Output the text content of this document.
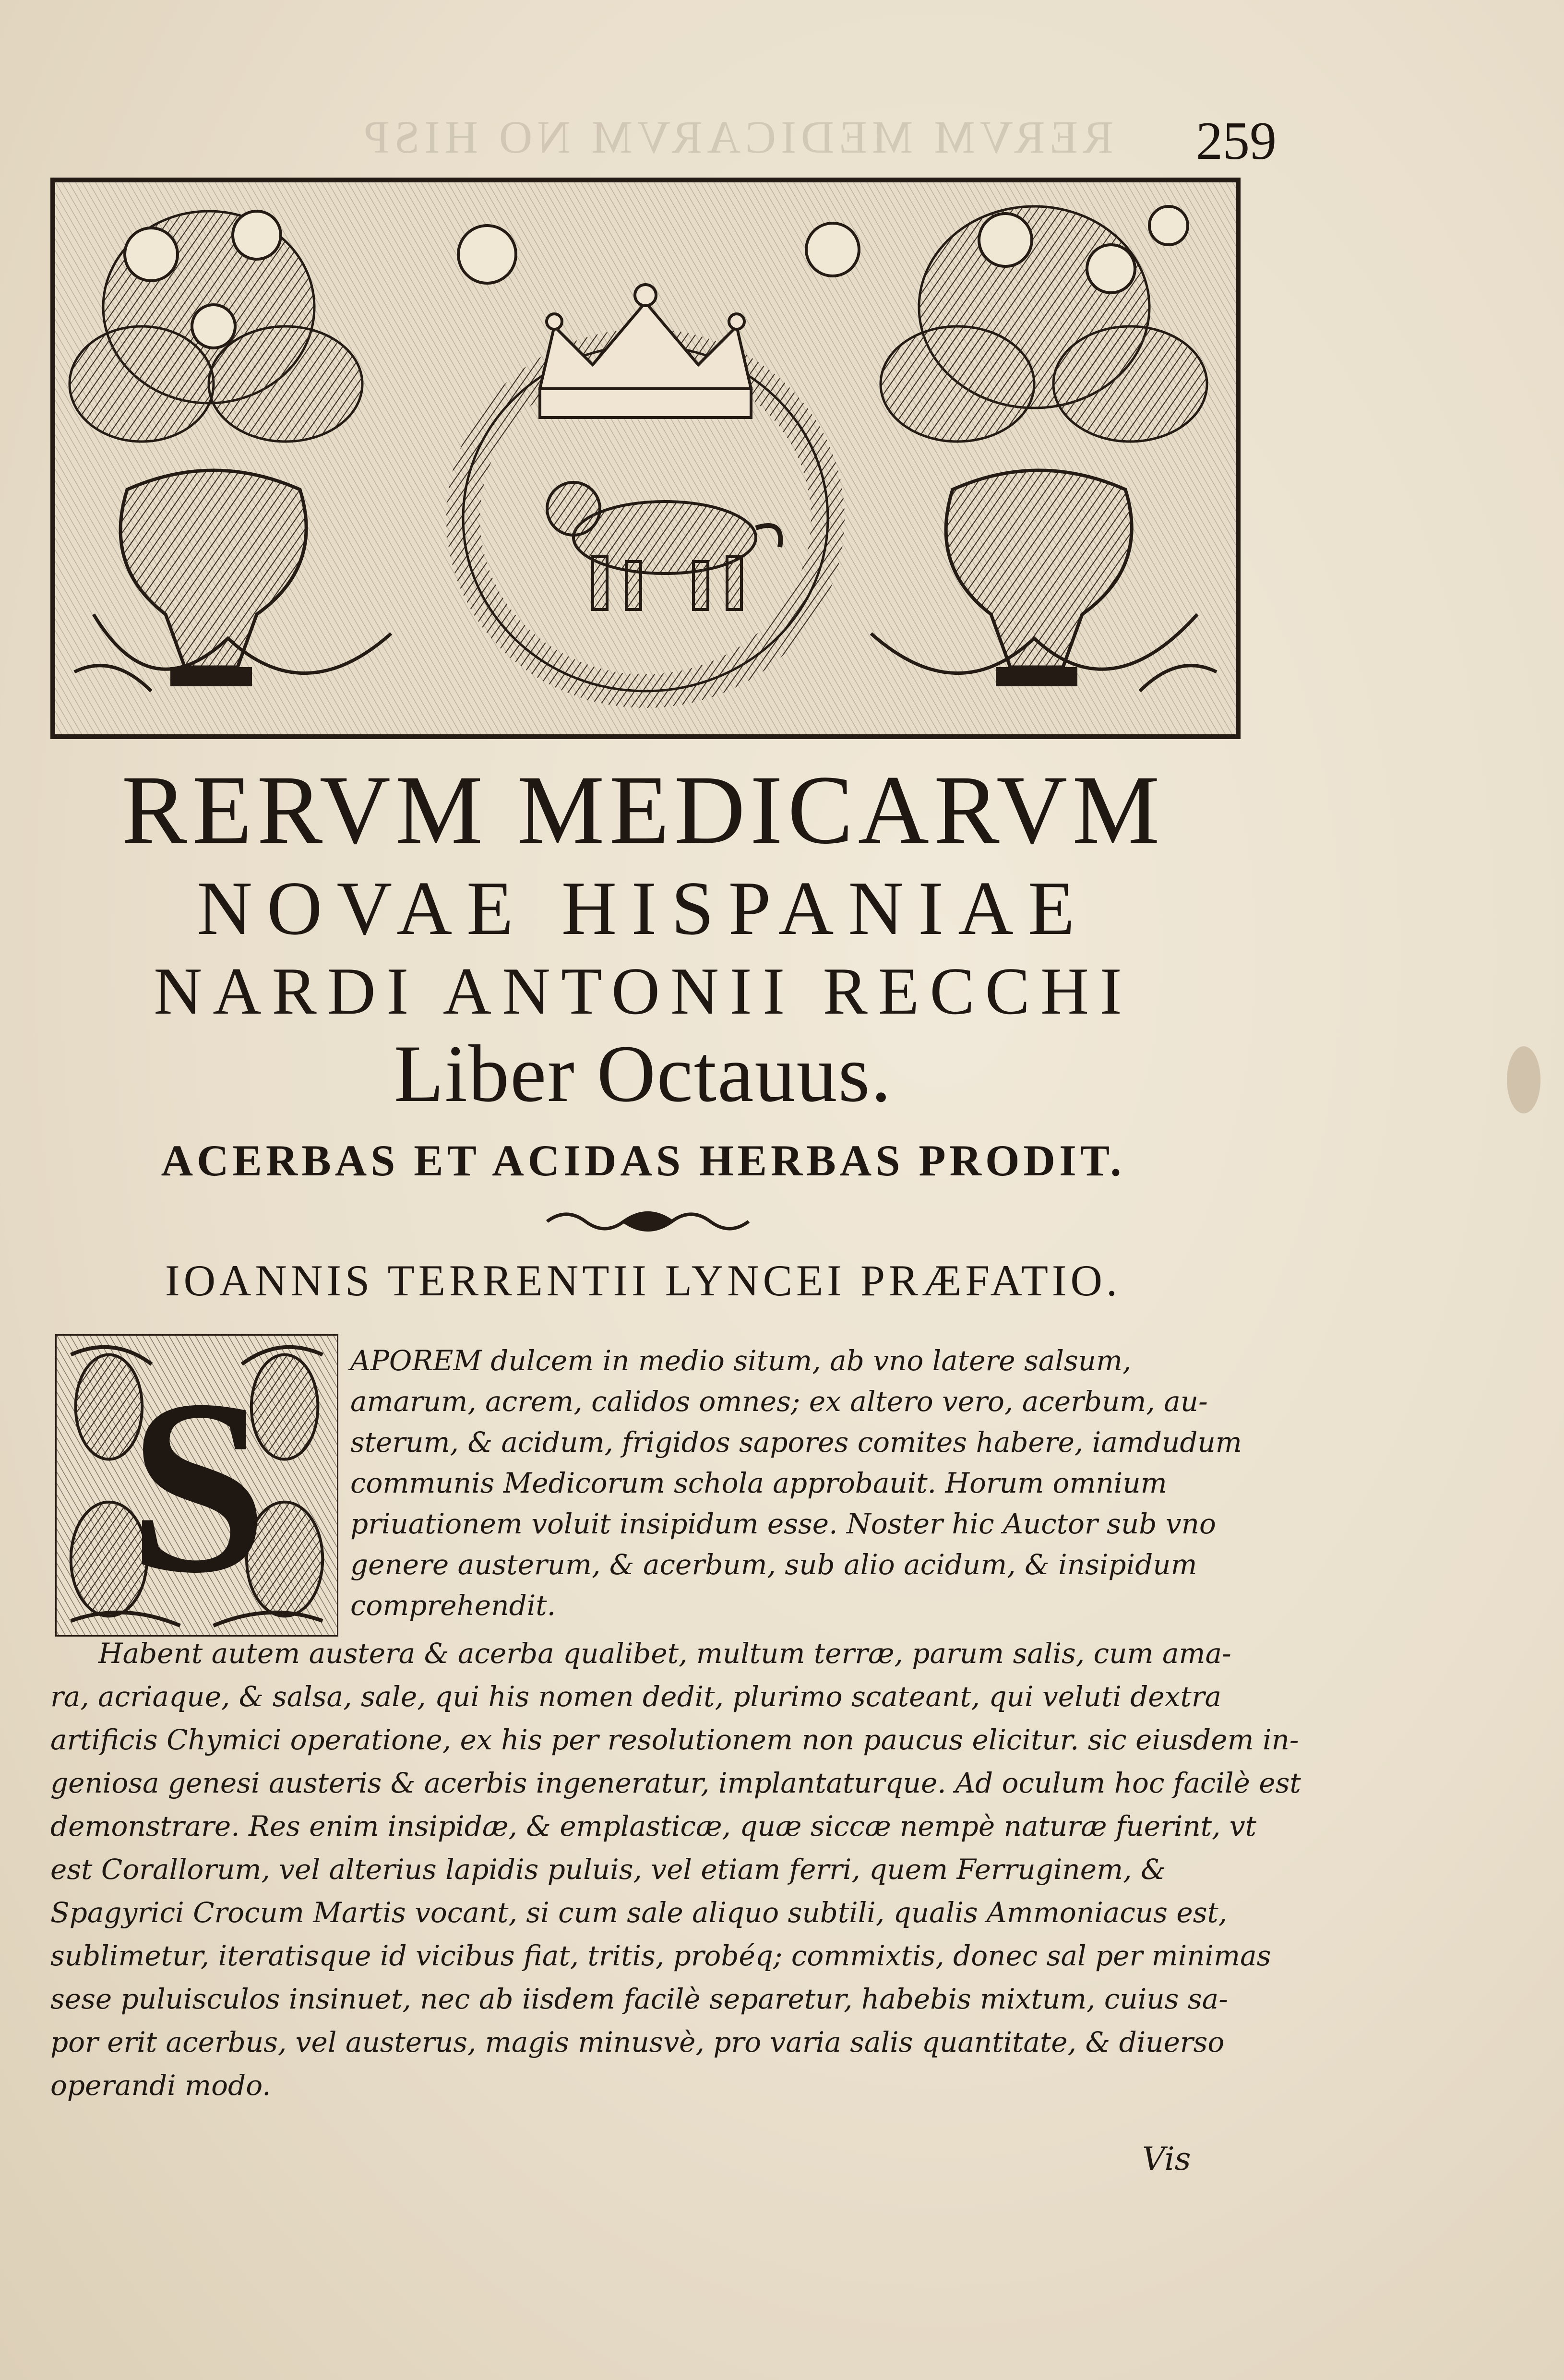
RERVM MEDICARVM NO HISP	259
RERVM MEDICARVM
NOVAE HISPANIAE
NARDI ANTONII RECCHI
Liber Octauus.
ACERBAS ET ACIDAS HERBAS PRODIT.
IOANNIS TERRENTII LYNCEI PRÆFATIO.
S	APOREM dulcem in medio situm, ab vno latere salsum,
amarum, acrem, calidos omnes; ex altero vero, acerbum, au-
sterum, & acidum, frigidos sapores comites habere, iamdudum
communis Medicorum schola approbauit. Horum omnium
priuationem voluit insipidum esse. Noster hic Auctor sub vno
genere austerum, & acerbum, sub alio acidum, & insipidum
comprehendit.
Habent autem austera & acerba qualibet, multum terræ, parum salis, cum ama-
ra, acriaque, & salsa, sale, qui his nomen dedit, plurimo scateant, qui veluti dextra
artificis Chymici operatione, ex his per resolutionem non paucus elicitur. sic eiusdem in-
geniosa genesi austeris & acerbis ingeneratur, implantaturque. Ad oculum hoc facilè est
demonstrare. Res enim insipidæ, & emplasticæ, quæ siccæ nempè naturæ fuerint, vt
est Corallorum, vel alterius lapidis puluis, vel etiam ferri, quem Ferruginem, &
Spagyrici Crocum Martis vocant, si cum sale aliquo subtili, qualis Ammoniacus est,
sublimetur, iteratisque id vicibus fiat, tritis, probéq; commixtis, donec sal per minimas
sese puluisculos insinuet, nec ab iisdem facilè separetur, habebis mixtum, cuius sa-
por erit acerbus, vel austerus, magis minusvè, pro varia salis quantitate, & diuerso
operandi modo.
Vis
